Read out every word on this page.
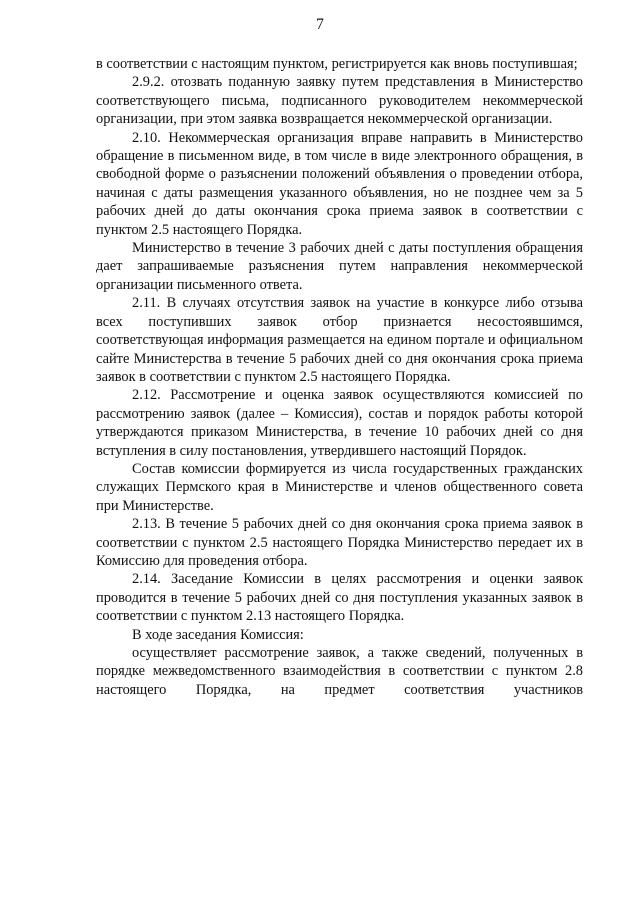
7

в соответствии с настоящим пунктом, регистрируется как вновь поступившая;

2.9.2. отозвать поданную заявку путем представления в Министерство соответствующего письма, подписанного руководителем некоммерческой организации, при этом заявка возвращается некоммерческой организации.

2.10. Некоммерческая организация вправе направить в Министерство обращение в письменном виде, в том числе в виде электронного обращения, в свободной форме о разъяснении положений объявления о проведении отбора, начиная с даты размещения указанного объявления, но не позднее чем за 5 рабочих дней до даты окончания срока приема заявок в соответствии с пунктом 2.5 настоящего Порядка.

Министерство в течение 3 рабочих дней с даты поступления обращения дает запрашиваемые разъяснения путем направления некоммерческой организации письменного ответа.

2.11. В случаях отсутствия заявок на участие в конкурсе либо отзыва всех поступивших заявок отбор признается несостоявшимся, соответствующая информация размещается на едином портале и официальном сайте Министерства в течение 5 рабочих дней со дня окончания срока приема заявок в соответствии с пунктом 2.5 настоящего Порядка.

2.12. Рассмотрение и оценка заявок осуществляются комиссией по рассмотрению заявок (далее – Комиссия), состав и порядок работы которой утверждаются приказом Министерства, в течение 10 рабочих дней со дня вступления в силу постановления, утвердившего настоящий Порядок.

Состав комиссии формируется из числа государственных гражданских служащих Пермского края в Министерстве и членов общественного совета при Министерстве.

2.13. В течение 5 рабочих дней со дня окончания срока приема заявок в соответствии с пунктом 2.5 настоящего Порядка Министерство передает их в Комиссию для проведения отбора.

2.14. Заседание Комиссии в целях рассмотрения и оценки заявок проводится в течение 5 рабочих дней со дня поступления указанных заявок в соответствии с пунктом 2.13 настоящего Порядка.

В ходе заседания Комиссия:

осуществляет рассмотрение заявок, а также сведений, полученных в порядке межведомственного взаимодействия в соответствии с пунктом 2.8 настоящего Порядка, на предмет соответствия участников
